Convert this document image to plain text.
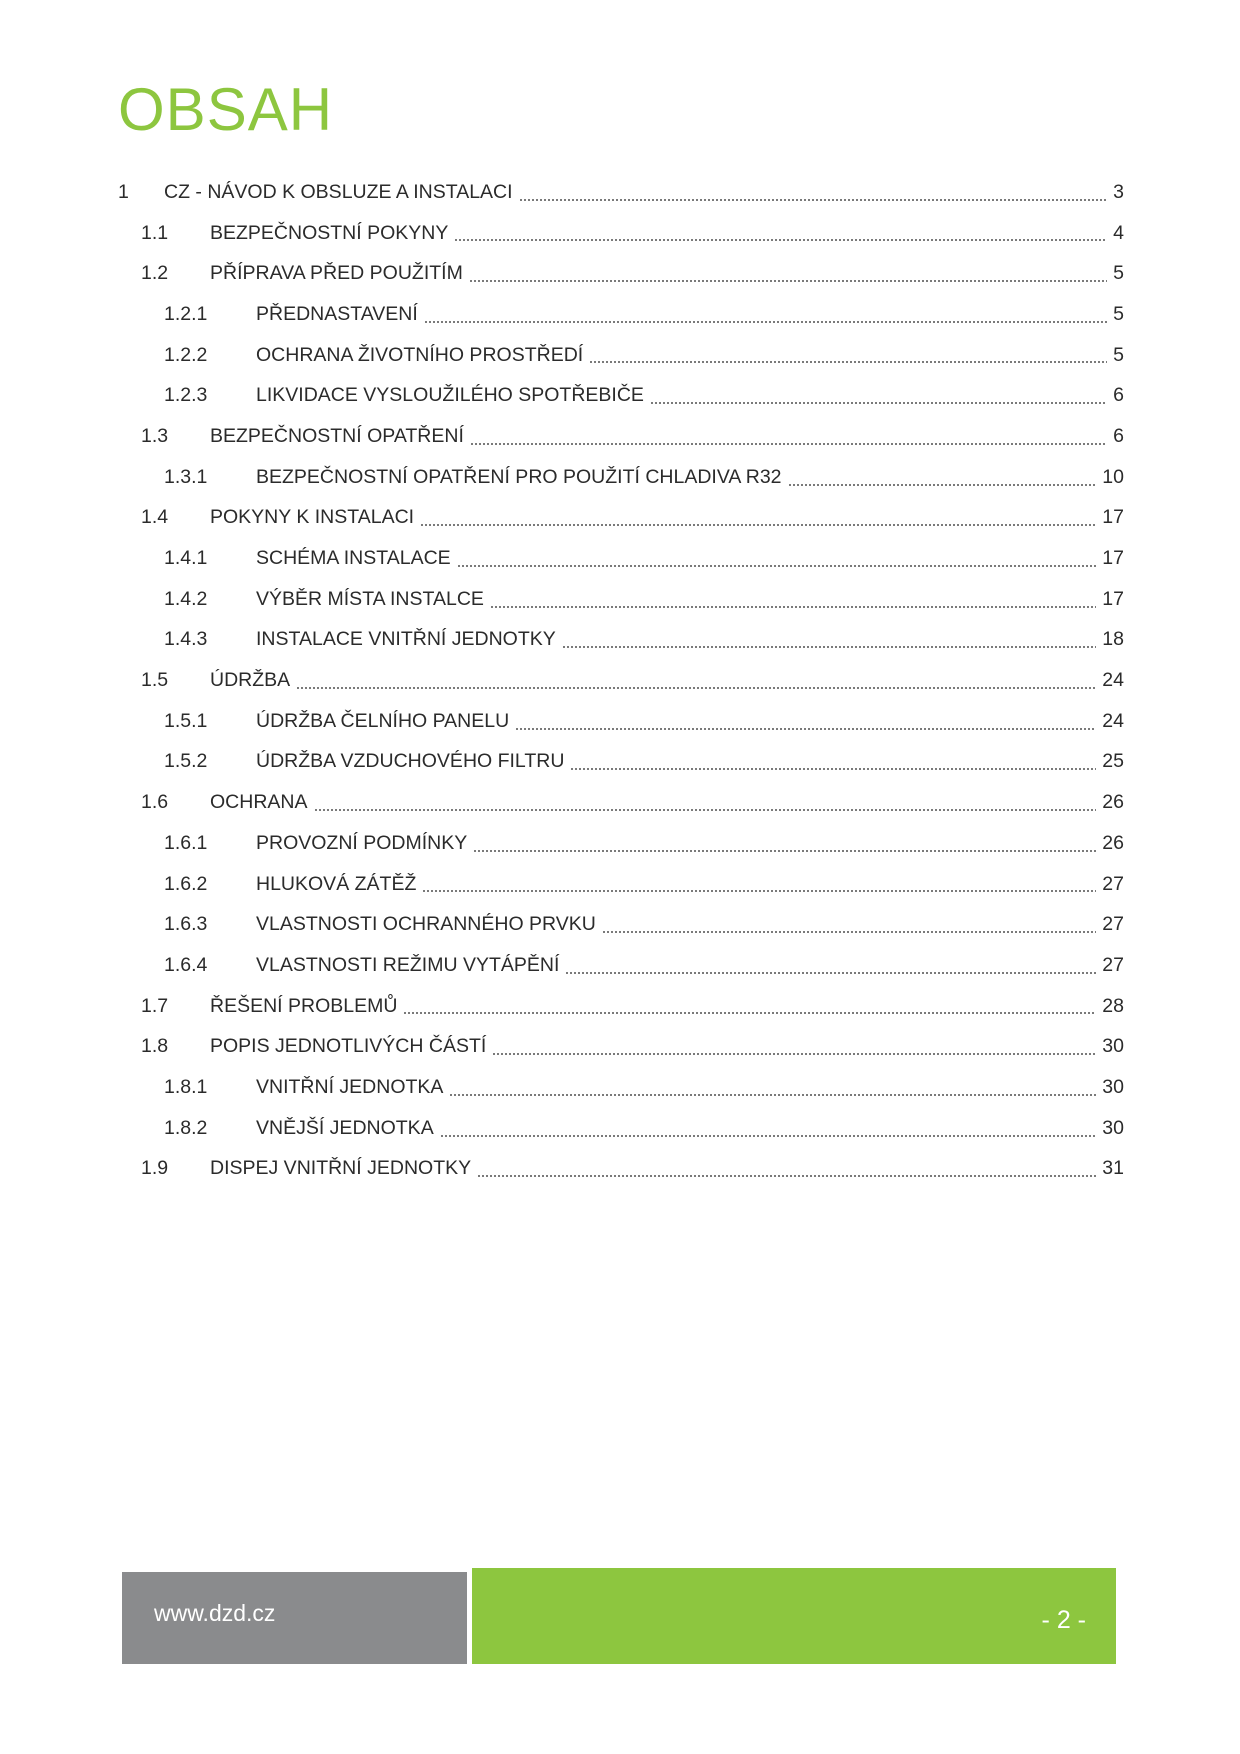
OBSAH
1	CZ - NÁVOD K OBSLUZE A INSTALACI	3
1.1	BEZPEČNOSTNÍ POKYNY	4
1.2	PŘÍPRAVA PŘED POUŽITÍM	5
1.2.1	PŘEDNASTAVENÍ	5
1.2.2	OCHRANA ŽIVOTNÍHO PROSTŘEDÍ	5
1.2.3	LIKVIDACE VYSLOUŽILÉHO SPOTŘEBIČE	6
1.3	BEZPEČNOSTNÍ OPATŘENÍ	6
1.3.1	BEZPEČNOSTNÍ OPATŘENÍ PRO POUŽITÍ CHLADIVA R32	10
1.4	POKYNY K INSTALACI	17
1.4.1	SCHÉMA INSTALACE	17
1.4.2	VÝBĚR MÍSTA INSTALCE	17
1.4.3	INSTALACE VNITŘNÍ JEDNOTKY	18
1.5	ÚDRŽBA	24
1.5.1	ÚDRŽBA ČELNÍHO PANELU	24
1.5.2	ÚDRŽBA VZDUCHOVÉHO FILTRU	25
1.6	OCHRANA	26
1.6.1	PROVOZNÍ PODMÍNKY	26
1.6.2	HLUKOVÁ ZÁTĚŽ	27
1.6.3	VLASTNOSTI OCHRANNÉHO PRVKU	27
1.6.4	VLASTNOSTI REŽIMU VYTÁPĚNÍ	27
1.7	ŘEŠENÍ PROBLEMŮ	28
1.8	POPIS JEDNOTLIVÝCH ČÁSTÍ	30
1.8.1	VNITŘNÍ JEDNOTKA	30
1.8.2	VNĚJŠÍ JEDNOTKA	30
1.9	DISPEJ VNITŘNÍ JEDNOTKY	31
www.dzd.cz	- 2 -
